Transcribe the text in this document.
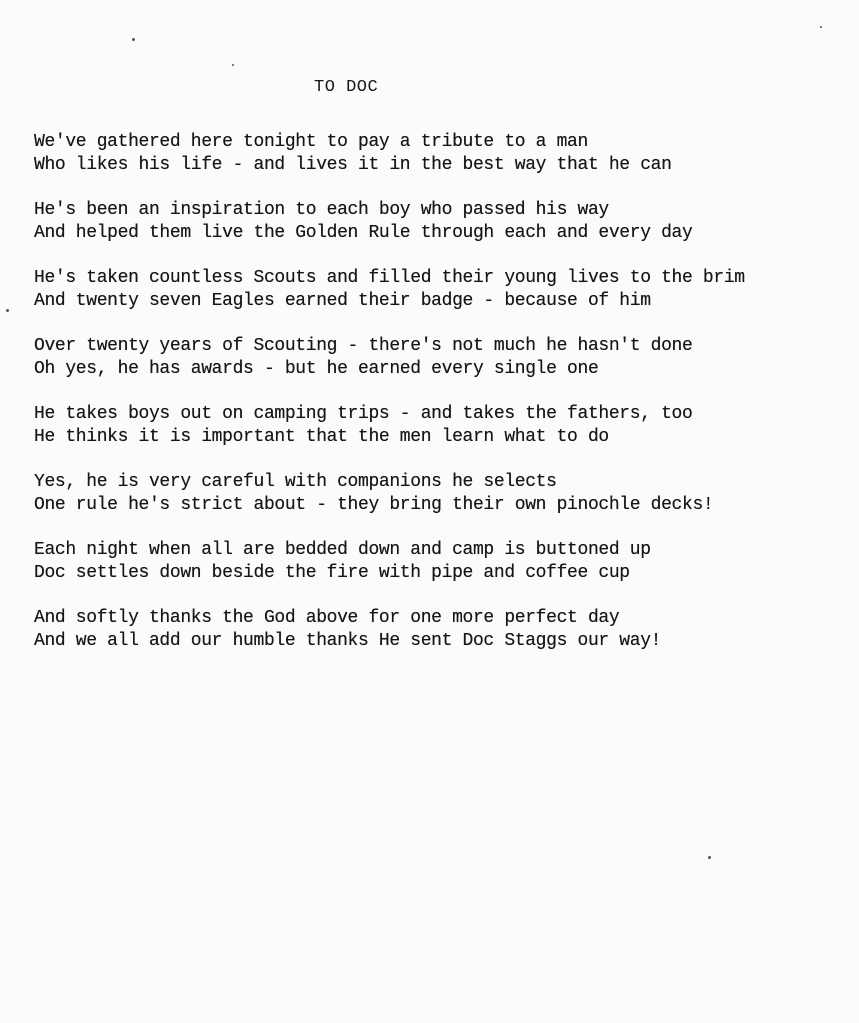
TO DOC
We've gathered here tonight to pay a tribute to a man
Who likes his life - and lives it in the best way that he can
He's been an inspiration to each boy who passed his way
And helped them live the Golden Rule through each and every day
He's taken countless Scouts and filled their young lives to the brim
And twenty seven Eagles earned their badge - because of him
Over twenty years of Scouting - there's not much he hasn't done
Oh yes, he has awards - but he earned every single one
He takes boys out on camping trips - and takes the fathers, too
He thinks it is important that the men learn what to do
Yes, he is very careful with companions he selects
One rule he's strict about - they bring their own pinochle decks!
Each night when all are bedded down and camp is buttoned up
Doc settles down beside the fire with pipe and coffee cup
And softly thanks the God above for one more perfect day
And we all add our humble thanks He sent Doc Staggs our way!
